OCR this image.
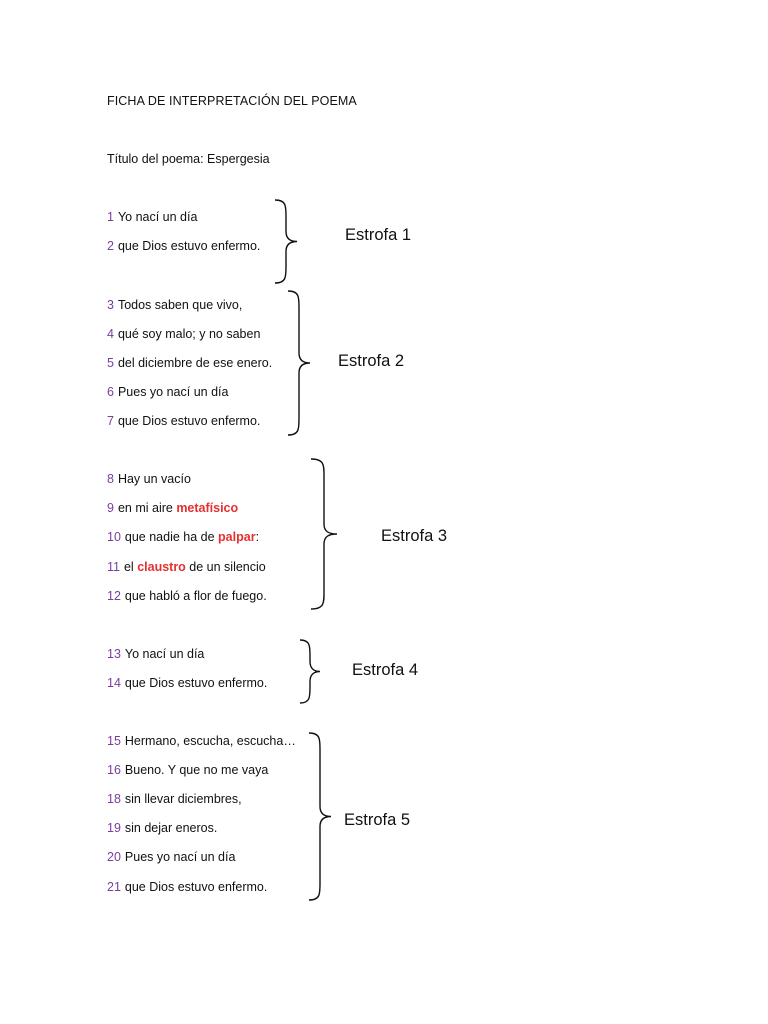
FICHA DE INTERPRETACIÓN DEL POEMA
Título del poema: Espergesia
1 Yo nací un día
2 que Dios estuvo enfermo.
Estrofa 1
3 Todos saben que vivo,
4 qué soy malo; y no saben
5 del diciembre de ese enero.
6 Pues yo nací un día
7 que Dios estuvo enfermo.
Estrofa 2
8 Hay un vacío
9 en mi aire metafísico
10 que nadie ha de palpar:
11 el claustro de un silencio
12 que habló a flor de fuego.
Estrofa 3
13 Yo nací un día
14 que Dios estuvo enfermo.
Estrofa 4
15 Hermano, escucha, escucha…
16 Bueno. Y que no me vaya
18 sin llevar diciembres,
19 sin dejar eneros.
20 Pues yo nací un día
21 que Dios estuvo enfermo.
Estrofa 5
